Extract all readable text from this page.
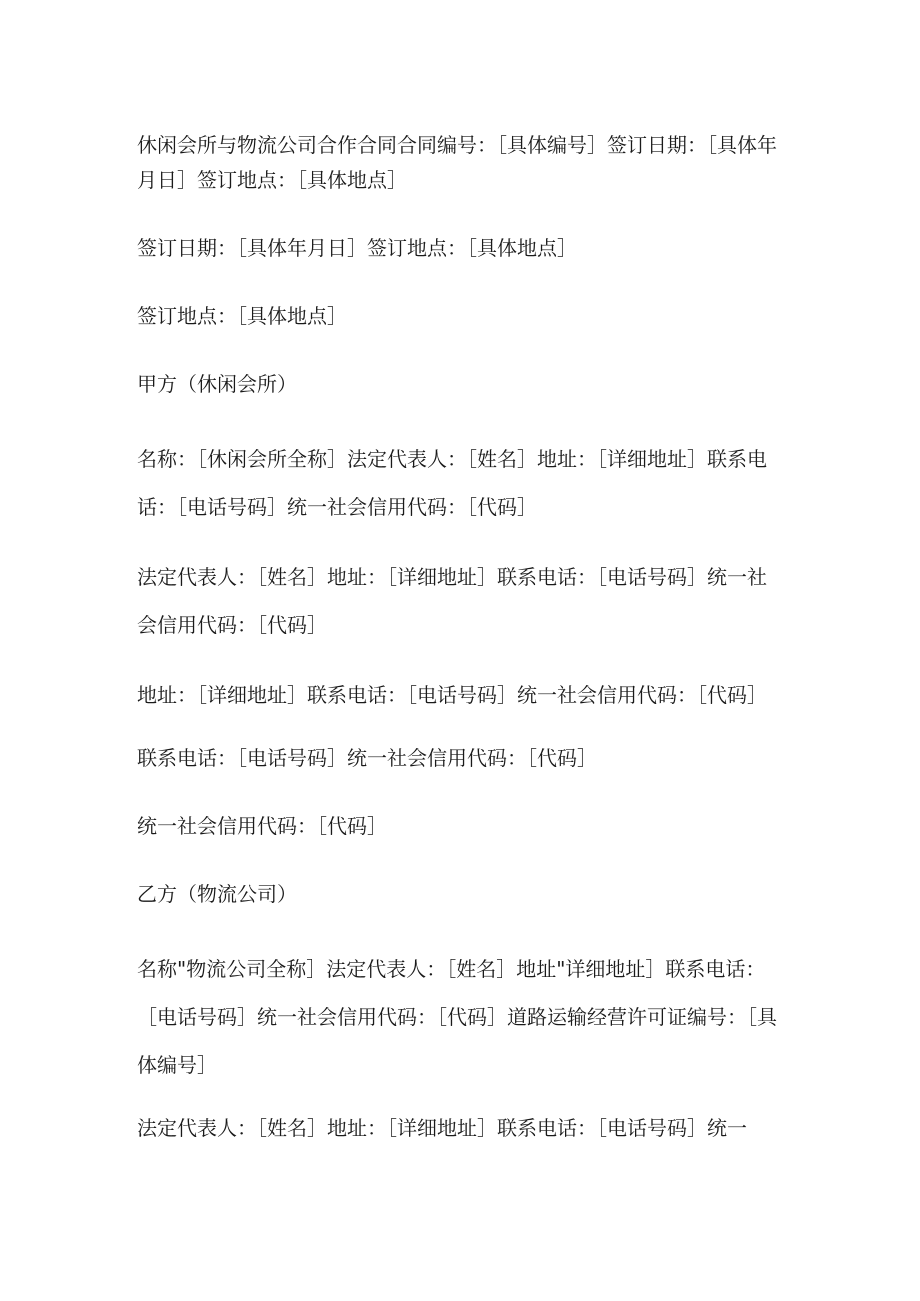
休闲会所与物流公司合作合同合同编号：［具体编号］签订日期：［具体年月日］签订地点：［具体地点］

签订日期：［具体年月日］签订地点：［具体地点］

签订地点：［具体地点］

甲方（休闲会所）

名称：［休闲会所全称］法定代表人：［姓名］地址：［详细地址］联系电话：［电话号码］统一社会信用代码：［代码］

法定代表人：［姓名］地址：［详细地址］联系电话：［电话号码］统一社会信用代码：［代码］

地址：［详细地址］联系电话：［电话号码］统一社会信用代码：［代码］

联系电话：［电话号码］统一社会信用代码：［代码］

统一社会信用代码：［代码］

乙方（物流公司）

名称"物流公司全称］法定代表人：［姓名］地址"详细地址］联系电话：［电话号码］统一社会信用代码：［代码］道路运输经营许可证编号：［具体编号］

法定代表人：［姓名］地址：［详细地址］联系电话：［电话号码］统一
